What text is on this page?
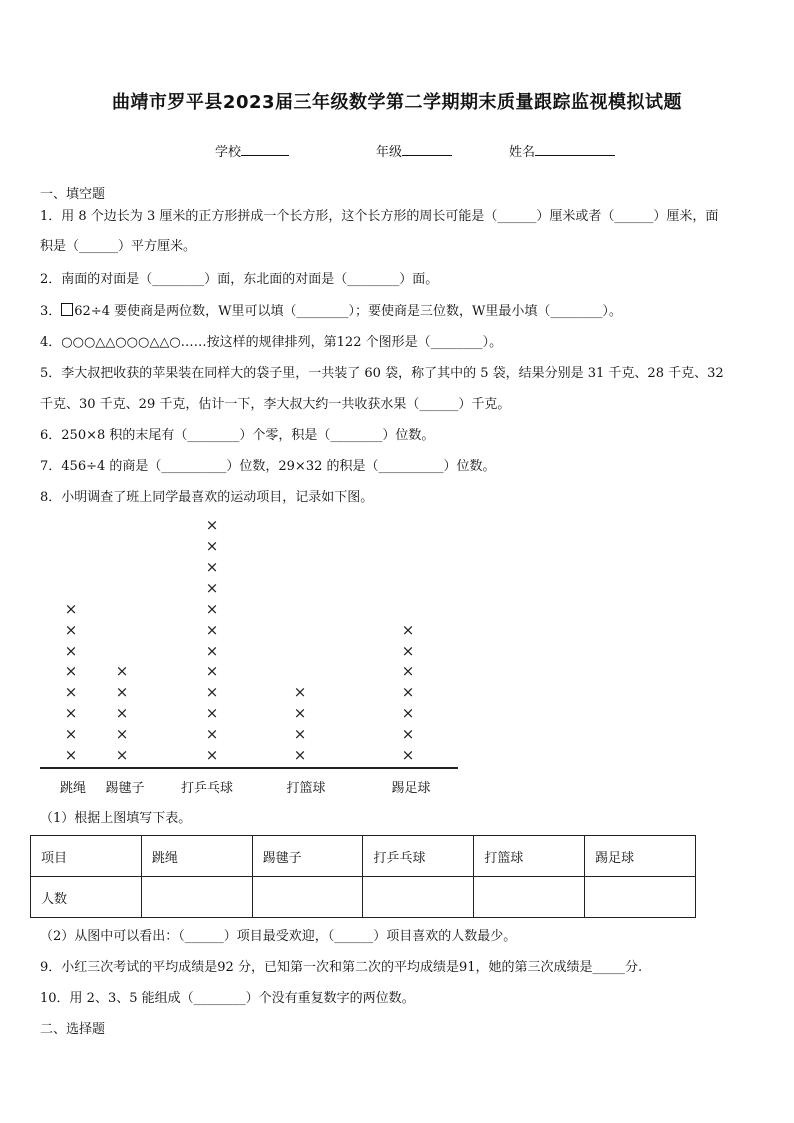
曲靖市罗平县2023届三年级数学第二学期期末质量跟踪监视模拟试题
学校	年级	姓名
一、填空题
1．用 8 个边长为 3 厘米的正方形拼成一个长方形，这个长方形的周长可能是（______）厘米或者（______）厘米，面
积是（______）平方厘米。
2．南面的对面是（________）面，东北面的对面是（________）面。
3． 62÷4 要使商是两位数，W里可以填（________）；要使商是三位数，W里最小填（________）。
4．○○○△△○○○△△○……按这样的规律排列，第122 个图形是（________）。
5．李大叔把收获的苹果装在同样大的袋子里，一共装了 60 袋，称了其中的 5 袋，结果分别是 31 千克、28 千克、32
千克、30 千克、29 千克，估计一下，李大叔大约一共收获水果（______）千克。
6．250×8 积的末尾有（________）个零，积是（________）位数。
7．456÷4 的商是（__________）位数，29×32 的积是（__________）位数。
8．小明调查了班上同学最喜欢的运动项目，记录如下图。
×
×
×
×
×
×
×
×
跳绳
×
×
×
×
×
踢毽子
×
×
×
×
×
×
×
×
×
×
×
×
打乒乓球
×
×
×
×
打篮球
×
×
×
×
×
×
×
踢足球
（1）根据上图填写下表。
项目	跳绳	踢毽子	打乒乓球	打篮球	踢足球
人数					
（2）从图中可以看出：（______）项目最受欢迎，（______）项目喜欢的人数最少。
9．小红三次考试的平均成绩是92 分，已知第一次和第二次的平均成绩是91，她的第三次成绩是_____分.
10．用 2、3、5 能组成（________）个没有重复数字的两位数。
二、选择题
